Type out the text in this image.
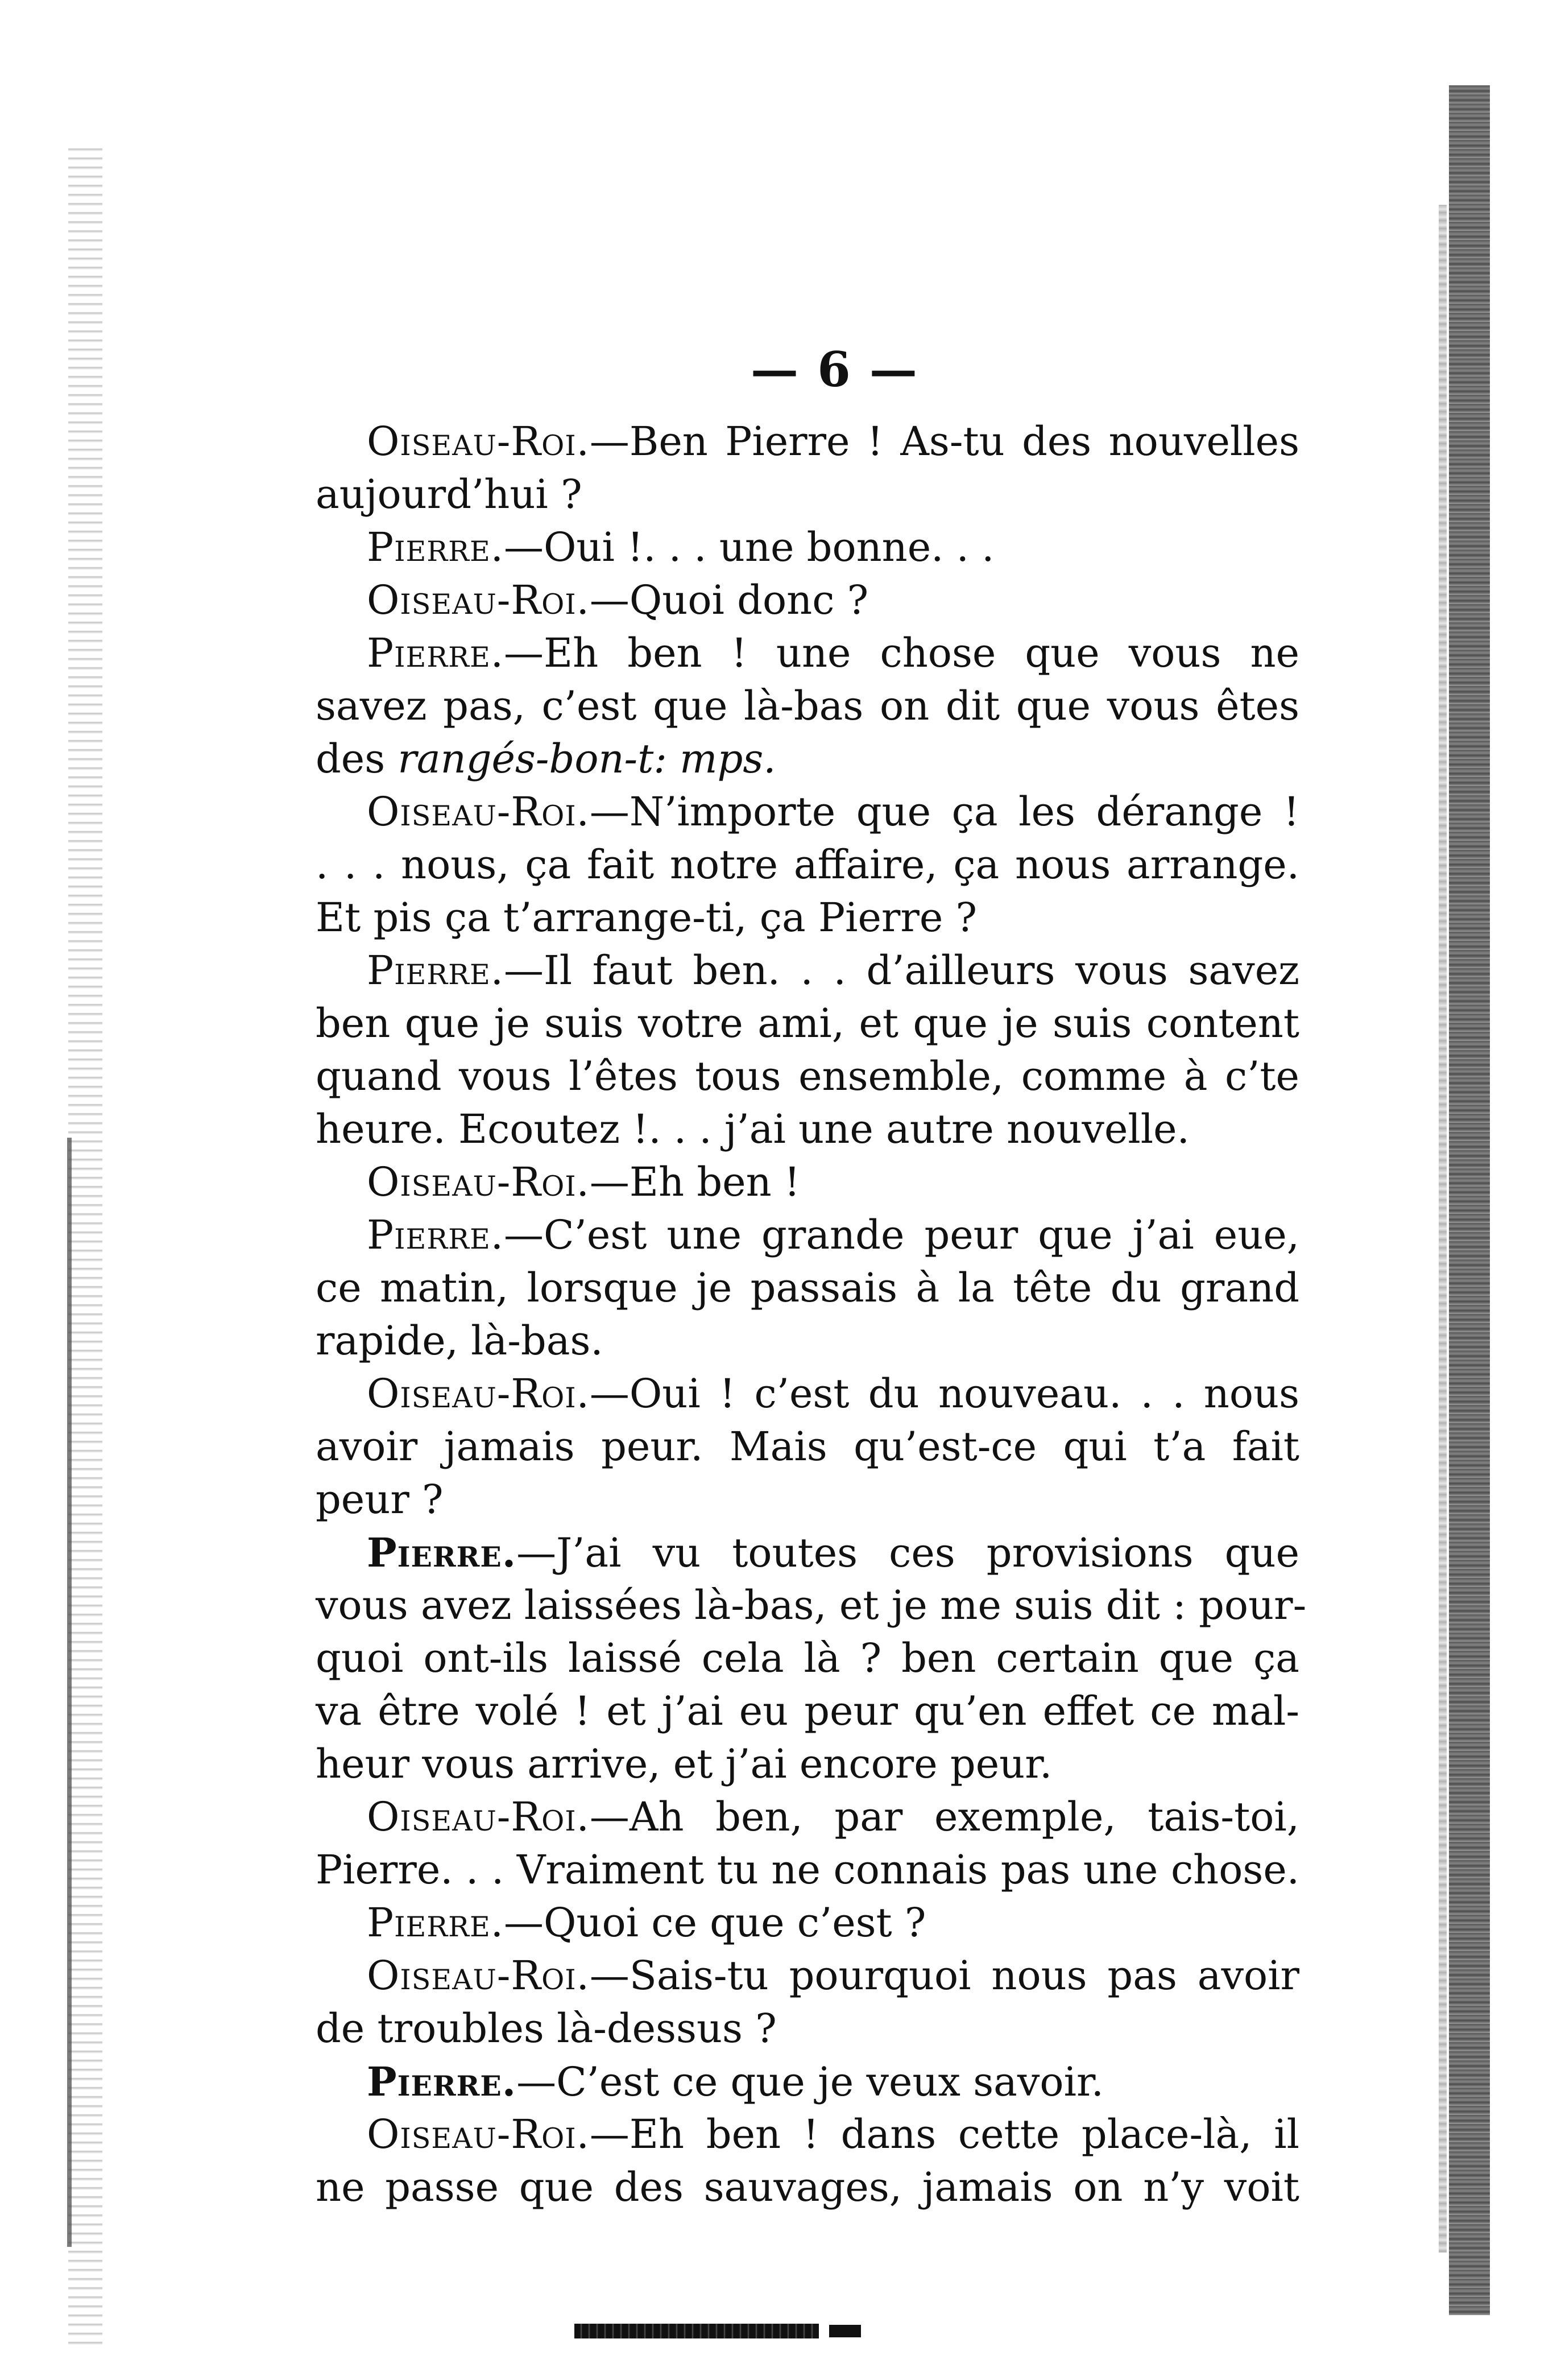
— 6 —
Oiseau-Roi.—Ben Pierre ! As-tu des nouvelles
aujourd’hui ?
Pierre.—Oui !. . . une bonne. . .
Oiseau-Roi.—Quoi donc ?
Pierre.—Eh ben ! une chose que vous ne
savez pas, c’est que là-bas on dit que vous êtes
des rangés-bon-t: mps.
Oiseau-Roi.—N’importe que ça les dérange !
. . . nous, ça fait notre affaire, ça nous arrange.
Et pis ça t’arrange-ti, ça Pierre ?
Pierre.—Il faut ben. . . d’ailleurs vous savez
ben que je suis votre ami, et que je suis content
quand vous l’êtes tous ensemble, comme à c’te
heure. Ecoutez !. . . j’ai une autre nouvelle.
Oiseau-Roi.—Eh ben !
Pierre.—C’est une grande peur que j’ai eue,
ce matin, lorsque je passais à la tête du grand
rapide, là-bas.
Oiseau-Roi.—Oui ! c’est du nouveau. . . nous
avoir jamais peur. Mais qu’est-ce qui t’a fait
peur ?
Pierre.—J’ai vu toutes ces provisions que
vous avez laissées là-bas, et je me suis dit : pour-
quoi ont-ils laissé cela là ? ben certain que ça
va être volé ! et j’ai eu peur qu’en effet ce mal-
heur vous arrive, et j’ai encore peur.
Oiseau-Roi.—Ah ben, par exemple, tais-toi,
Pierre. . . Vraiment tu ne connais pas une chose.
Pierre.—Quoi ce que c’est ?
Oiseau-Roi.—Sais-tu pourquoi nous pas avoir
de troubles là-dessus ?
Pierre.—C’est ce que je veux savoir.
Oiseau-Roi.—Eh ben ! dans cette place-là, il
ne passe que des sauvages, jamais on n’y voit
